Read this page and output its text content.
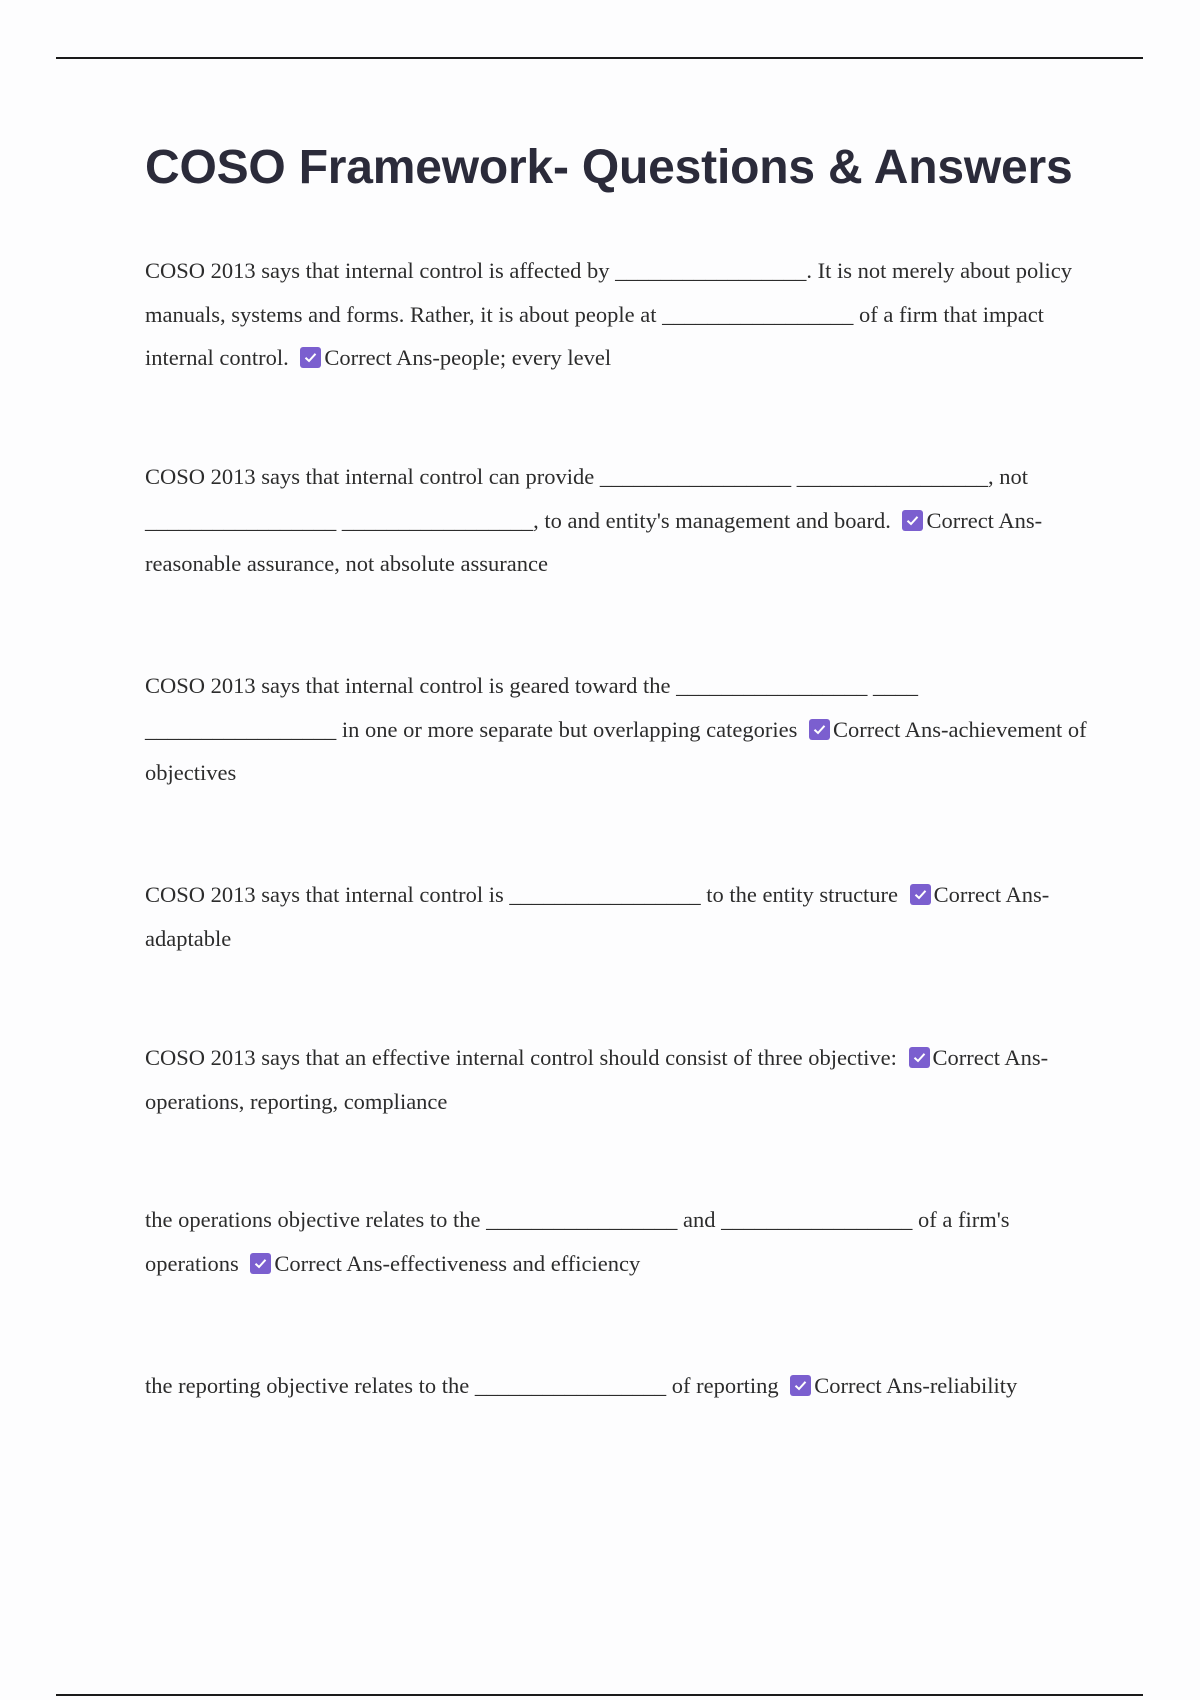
COSO Framework- Questions & Answers

COSO 2013 says that internal control is affected by _________________. It is not merely about policy manuals, systems and forms. Rather, it is about people at _________________ of a firm that impact internal control. Correct Ans-people; every level

COSO 2013 says that internal control can provide _________________ _________________, not _________________ _________________, to and entity's management and board. Correct Ans-reasonable assurance, not absolute assurance

COSO 2013 says that internal control is geared toward the _________________ ____ _________________ in one or more separate but overlapping categories Correct Ans-achievement of objectives

COSO 2013 says that internal control is _________________ to the entity structure Correct Ans-adaptable

COSO 2013 says that an effective internal control should consist of three objective: Correct Ans-operations, reporting, compliance

the operations objective relates to the _________________ and _________________ of a firm's operations Correct Ans-effectiveness and efficiency

the reporting objective relates to the _________________ of reporting Correct Ans-reliability
